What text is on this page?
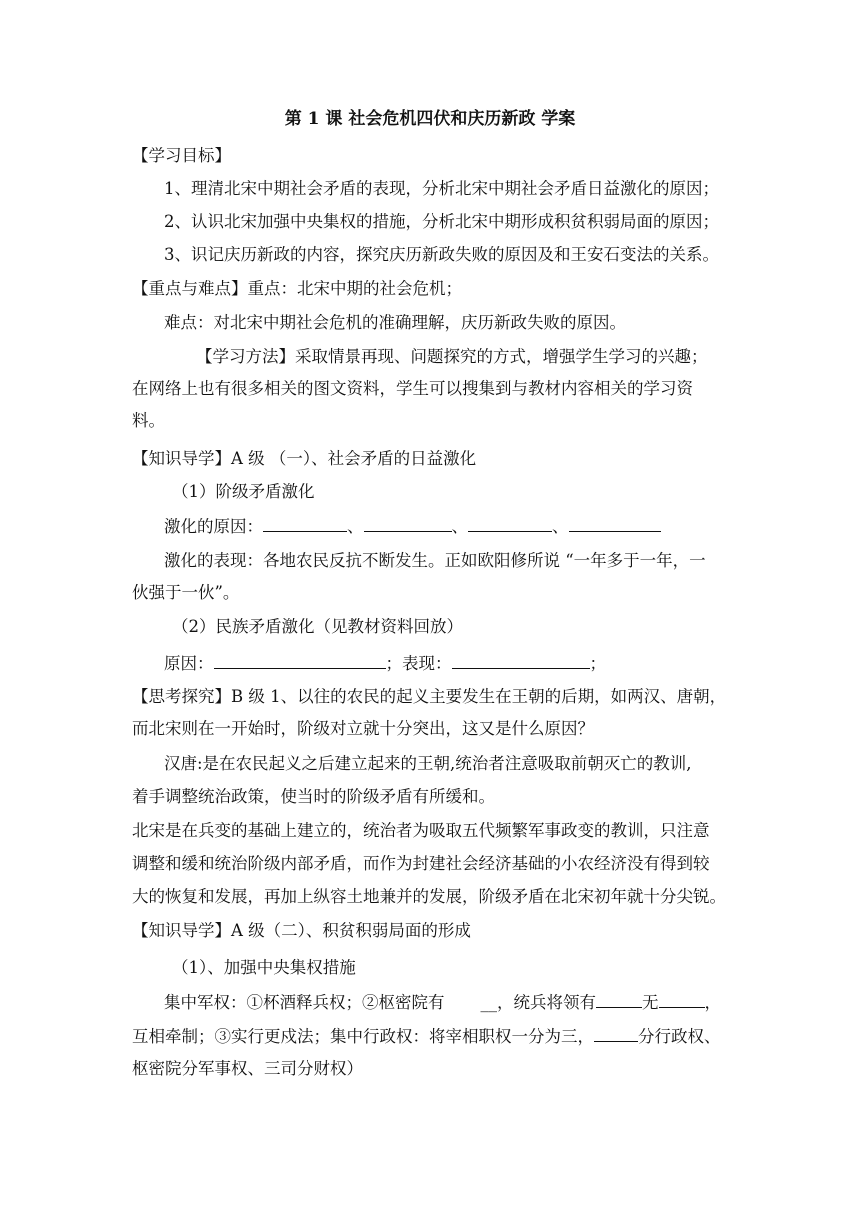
第 1 课 社会危机四伏和庆历新政 学案
【学习目标】
1、理清北宋中期社会矛盾的表现，分析北宋中期社会矛盾日益激化的原因；
2、认识北宋加强中央集权的措施，分析北宋中期形成积贫积弱局面的原因；
3、识记庆历新政的内容，探究庆历新政失败的原因及和王安石变法的关系。
【重点与难点】重点：北宋中期的社会危机；
难点：对北宋中期社会危机的准确理解，庆历新政失败的原因。
【学习方法】采取情景再现、问题探究的方式，增强学生学习的兴趣；
在网络上也有很多相关的图文资料，学生可以搜集到与教材内容相关的学习资
料。
【知识导学】A 级 （一）、社会矛盾的日益激化
（1）阶级矛盾激化
激化的原因：	、	、	、
激化的表现：各地农民反抗不断发生。正如欧阳修所说 “一年多于一年，一
伙强于一伙”。
（2）民族矛盾激化（见教材资料回放）
原因：	；表现：	；
【思考探究】B 级 1、以往的农民的起义主要发生在王朝的后期，如两汉、唐朝，
而北宋则在一开始时，阶级对立就十分突出，这又是什么原因？
汉唐:是在农民起义之后建立起来的王朝,统治者注意吸取前朝灭亡的教训,
着手调整统治政策，使当时的阶级矛盾有所缓和。
北宋是在兵变的基础上建立的，统治者为吸取五代频繁军事政变的教训，只注意
调整和缓和统治阶级内部矛盾，而作为封建社会经济基础的小农经济没有得到较
大的恢复和发展，再加上纵容土地兼并的发展，阶级矛盾在北宋初年就十分尖锐。
【知识导学】A 级（二）、积贫积弱局面的形成
（1）、加强中央集权措施
集中军权：①杯酒释兵权；②枢密院有 __，统兵将领有	无	，
互相牵制；③实行更戍法；集中行政权：将宰相职权一分为三，	分行政权、
枢密院分军事权、三司分财权）
